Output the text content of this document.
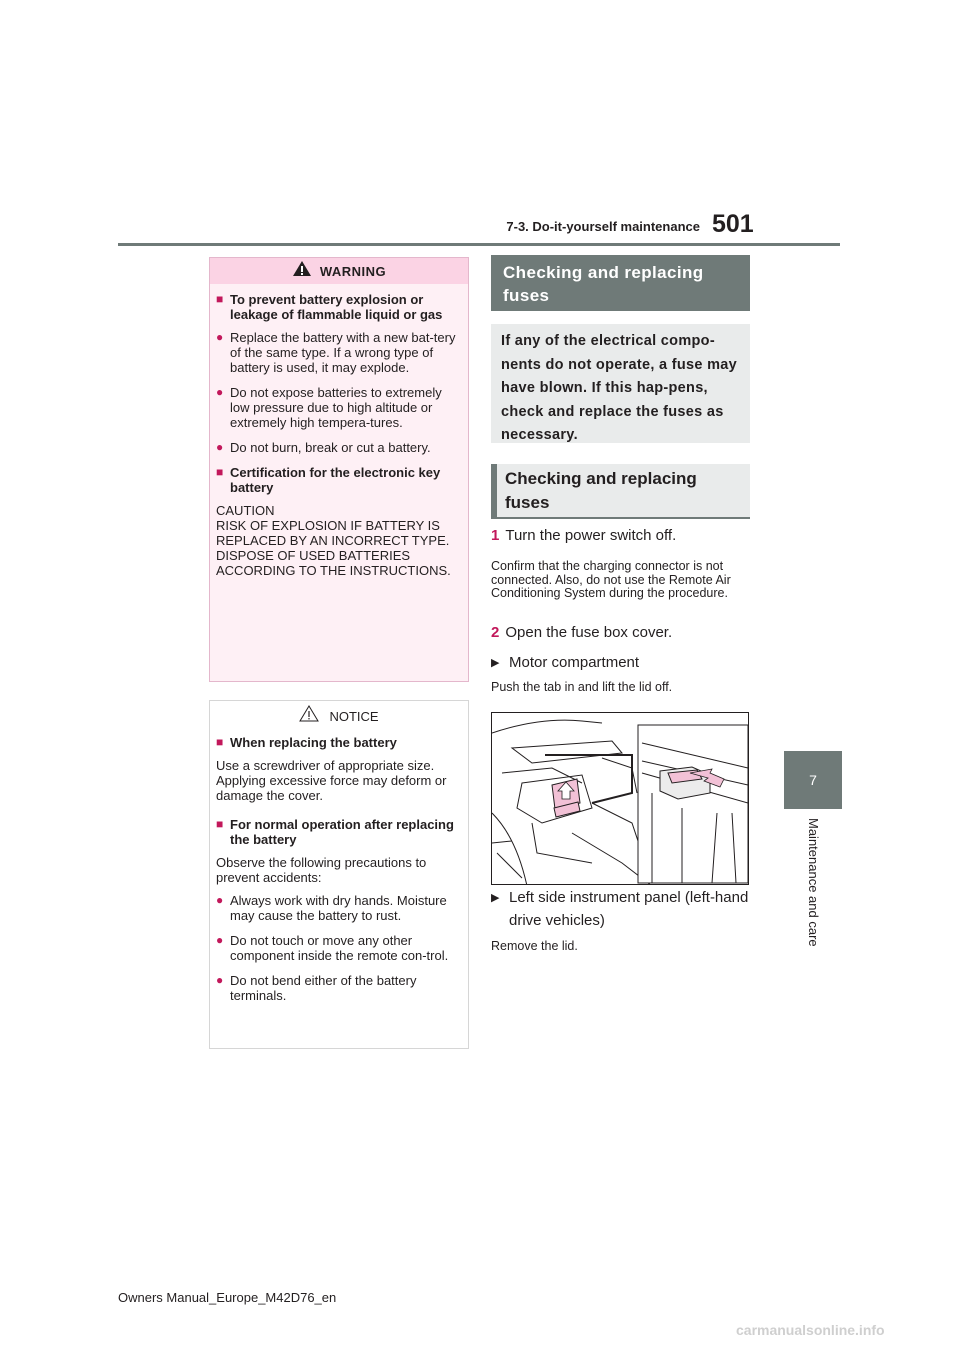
7-3. Do-it-yourself maintenance 501
7
Maintenance and care
WARNING
■ To prevent battery explosion or leakage of flammable liquid or gas
● Replace the battery with a new bat-tery of the same type. If a wrong type of battery is used, it may explode.
● Do not expose batteries to extremely low pressure due to high altitude or extremely high tempera-tures.
● Do not burn, break or cut a battery.
■ Certification for the electronic key battery
CAUTION
RISK OF EXPLOSION IF BATTERY IS REPLACED BY AN INCORRECT TYPE.
DISPOSE OF USED BATTERIES ACCORDING TO THE INSTRUCTIONS.
NOTICE
■ When replacing the battery
Use a screwdriver of appropriate size. Applying excessive force may deform or damage the cover.
■ For normal operation after replacing the battery
Observe the following precautions to prevent accidents:
● Always work with dry hands. Moisture may cause the battery to rust.
● Do not touch or move any other component inside the remote con-trol.
● Do not bend either of the battery terminals.
Checking and replacing fuses
If any of the electrical compo-nents do not operate, a fuse may have blown. If this hap-pens, check and replace the fuses as necessary.
Checking and replacing fuses
1 Turn the power switch off.
Confirm that the charging connector is not connected. Also, do not use the Remote Air Conditioning System during the procedure.
2 Open the fuse box cover.
▶ Motor compartment
Push the tab in and lift the lid off.
▶ Left side instrument panel (left-hand drive vehicles)
Remove the lid.
Owners Manual_Europe_M42D76_en
carmanualsonline.info
